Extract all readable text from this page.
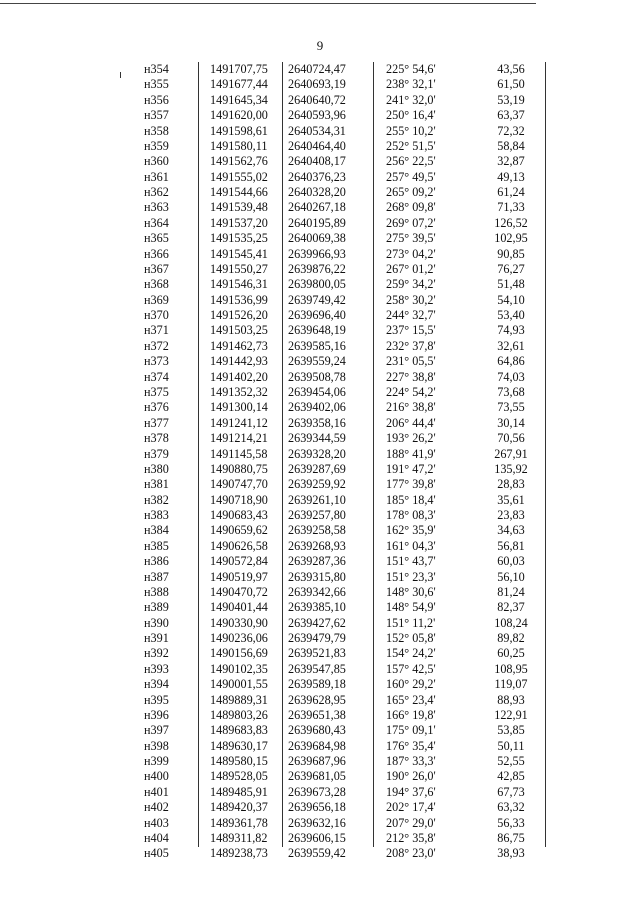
9
н354	1491707,75 2640724,47	225° 54,6'	43,56
н355	1491677,44 2640693,19	238° 32,1'	61,50
н356	1491645,34 2640640,72	241° 32,0'	53,19
н357	1491620,00 2640593,96	250° 16,4'	63,37
н358	1491598,61 2640534,31	255° 10,2'	72,32
н359	1491580,11 2640464,40	252° 51,5'	58,84
н360	1491562,76 2640408,17	256° 22,5'	32,87
н361	1491555,02 2640376,23	257° 49,5'	49,13
н362	1491544,66 2640328,20	265° 09,2'	61,24
н363	1491539,48 2640267,18	268° 09,8'	71,33
н364	1491537,20 2640195,89	269° 07,2'	126,52
н365	1491535,25 2640069,38	275° 39,5'	102,95
н366	1491545,41 2639966,93	273° 04,2'	90,85
н367	1491550,27 2639876,22	267° 01,2'	76,27
н368	1491546,31 2639800,05	259° 34,2'	51,48
н369	1491536,99 2639749,42	258° 30,2'	54,10
н370	1491526,20 2639696,40	244° 32,7'	53,40
н371	1491503,25 2639648,19	237° 15,5'	74,93
н372	1491462,73 2639585,16	232° 37,8'	32,61
н373	1491442,93 2639559,24	231° 05,5'	64,86
н374	1491402,20 2639508,78	227° 38,8'	74,03
н375	1491352,32 2639454,06	224° 54,2'	73,68
н376	1491300,14 2639402,06	216° 38,8'	73,55
н377	1491241,12 2639358,16	206° 44,4'	30,14
н378	1491214,21 2639344,59	193° 26,2'	70,56
н379	1491145,58 2639328,20	188° 41,9'	267,91
н380	1490880,75 2639287,69	191° 47,2'	135,92
н381	1490747,70 2639259,92	177° 39,8'	28,83
н382	1490718,90 2639261,10	185° 18,4'	35,61
н383	1490683,43 2639257,80	178° 08,3'	23,83
н384	1490659,62 2639258,58	162° 35,9'	34,63
н385	1490626,58 2639268,93	161° 04,3'	56,81
н386	1490572,84 2639287,36	151° 43,7'	60,03
н387	1490519,97 2639315,80	151° 23,3'	56,10
н388	1490470,72 2639342,66	148° 30,6'	81,24
н389	1490401,44 2639385,10	148° 54,9'	82,37
н390	1490330,90 2639427,62	151° 11,2'	108,24
н391	1490236,06 2639479,79	152° 05,8'	89,82
н392	1490156,69 2639521,83	154° 24,2'	60,25
н393	1490102,35 2639547,85	157° 42,5'	108,95
н394	1490001,55 2639589,18	160° 29,2'	119,07
н395	1489889,31 2639628,95	165° 23,4'	88,93
н396	1489803,26 2639651,38	166° 19,8'	122,91
н397	1489683,83 2639680,43	175° 09,1'	53,85
н398	1489630,17 2639684,98	176° 35,4'	50,11
н399	1489580,15 2639687,96	187° 33,3'	52,55
н400	1489528,05 2639681,05	190° 26,0'	42,85
н401	1489485,91 2639673,28	194° 37,6'	67,73
н402	1489420,37 2639656,18	202° 17,4'	63,32
н403	1489361,78 2639632,16	207° 29,0'	56,33
н404	1489311,82 2639606,15	212° 35,8'	86,75
н405	1489238,73 2639559,42	208° 23,0'	38,93
